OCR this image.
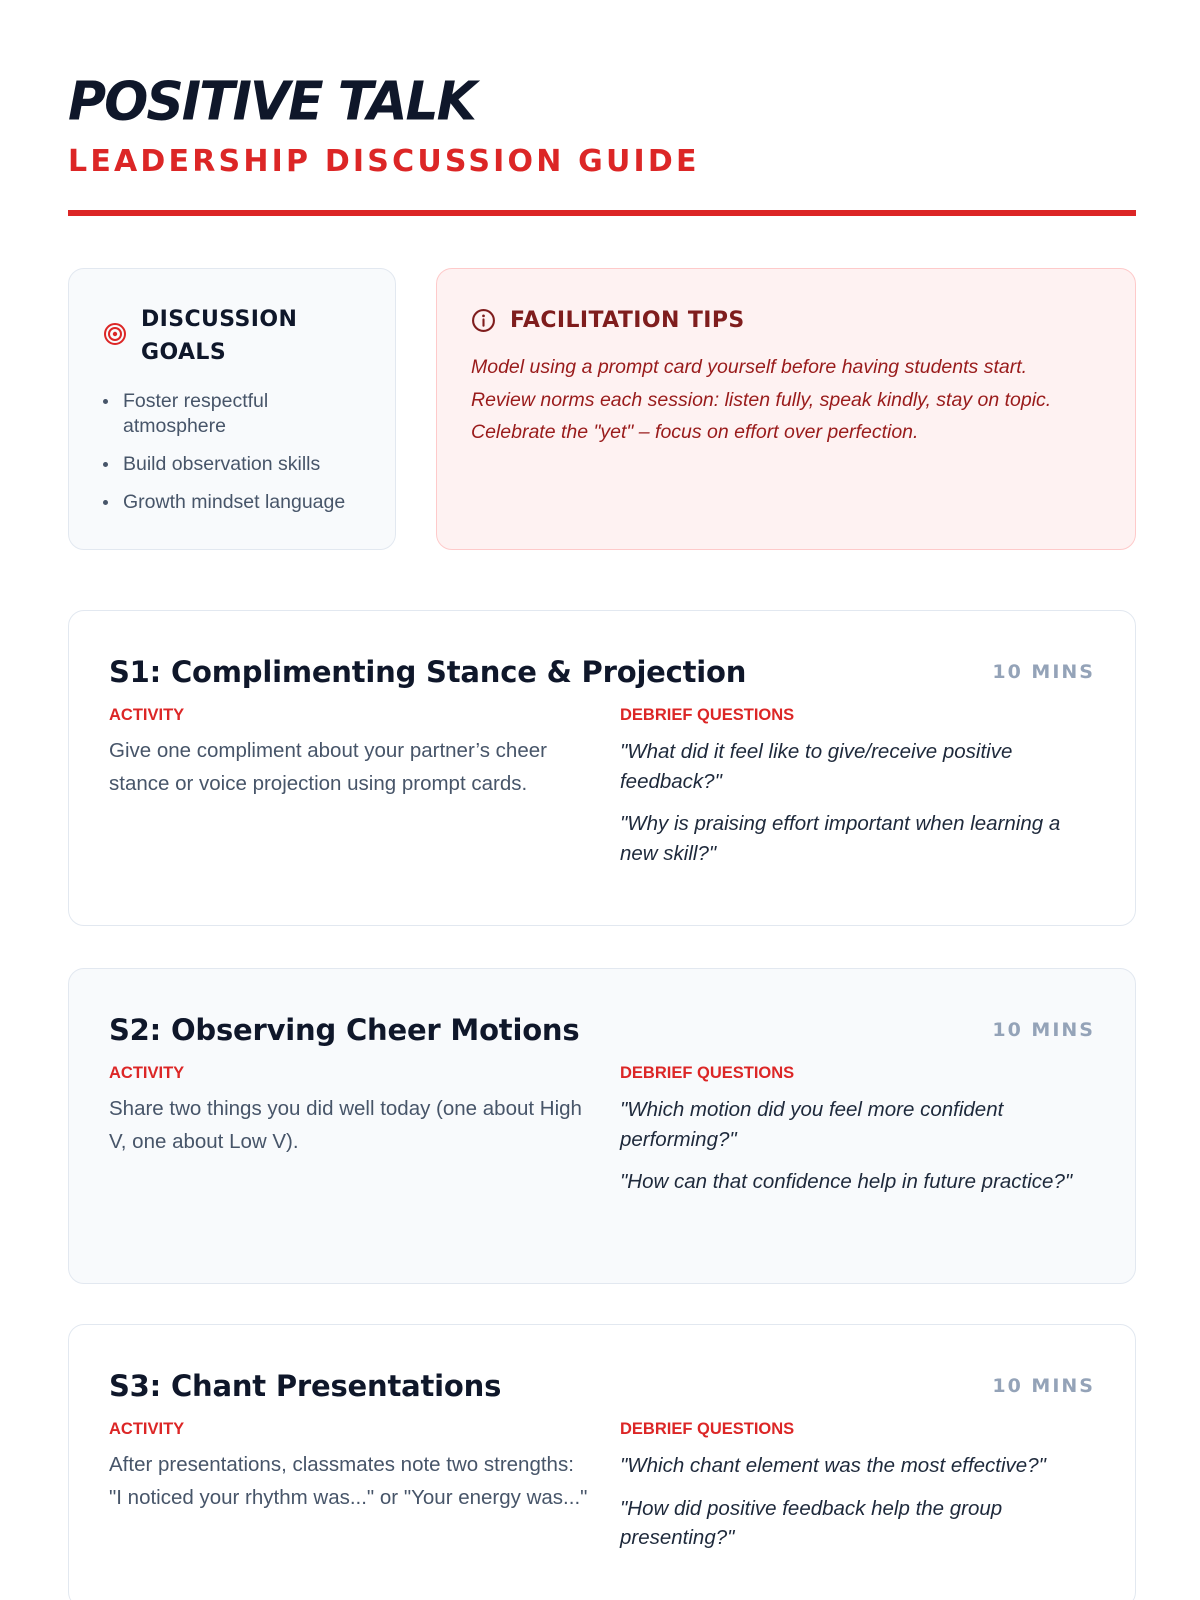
POSITIVE TALK
LEADERSHIP DISCUSSION GUIDE
DISCUSSION
GOALS
Foster respectful atmosphere
Build observation skills
Growth mindset language
FACILITATION TIPS

Model using a prompt card yourself before having students start.

Review norms each session: listen fully, speak kindly, stay on topic.

Celebrate the "yet" – focus on effort over perfection.

S1: Complimenting Stance & Projection	10 MINS
ACTIVITY
Give one compliment about your partner’s cheer stance or voice projection using prompt cards.
DEBRIEF QUESTIONS
"What did it feel like to give/receive positive feedback?"
"Why is praising effort important when learning a new skill?"
S2: Observing Cheer Motions	10 MINS
ACTIVITY
Share two things you did well today (one about High V, one about Low V).
DEBRIEF QUESTIONS
"Which motion did you feel more confident performing?"
"How can that confidence help in future practice?"
S3: Chant Presentations	10 MINS
ACTIVITY
After presentations, classmates note two strengths: "I noticed your rhythm was..." or "Your energy was..."
DEBRIEF QUESTIONS
"Which chant element was the most effective?"
"How did positive feedback help the group presenting?"
